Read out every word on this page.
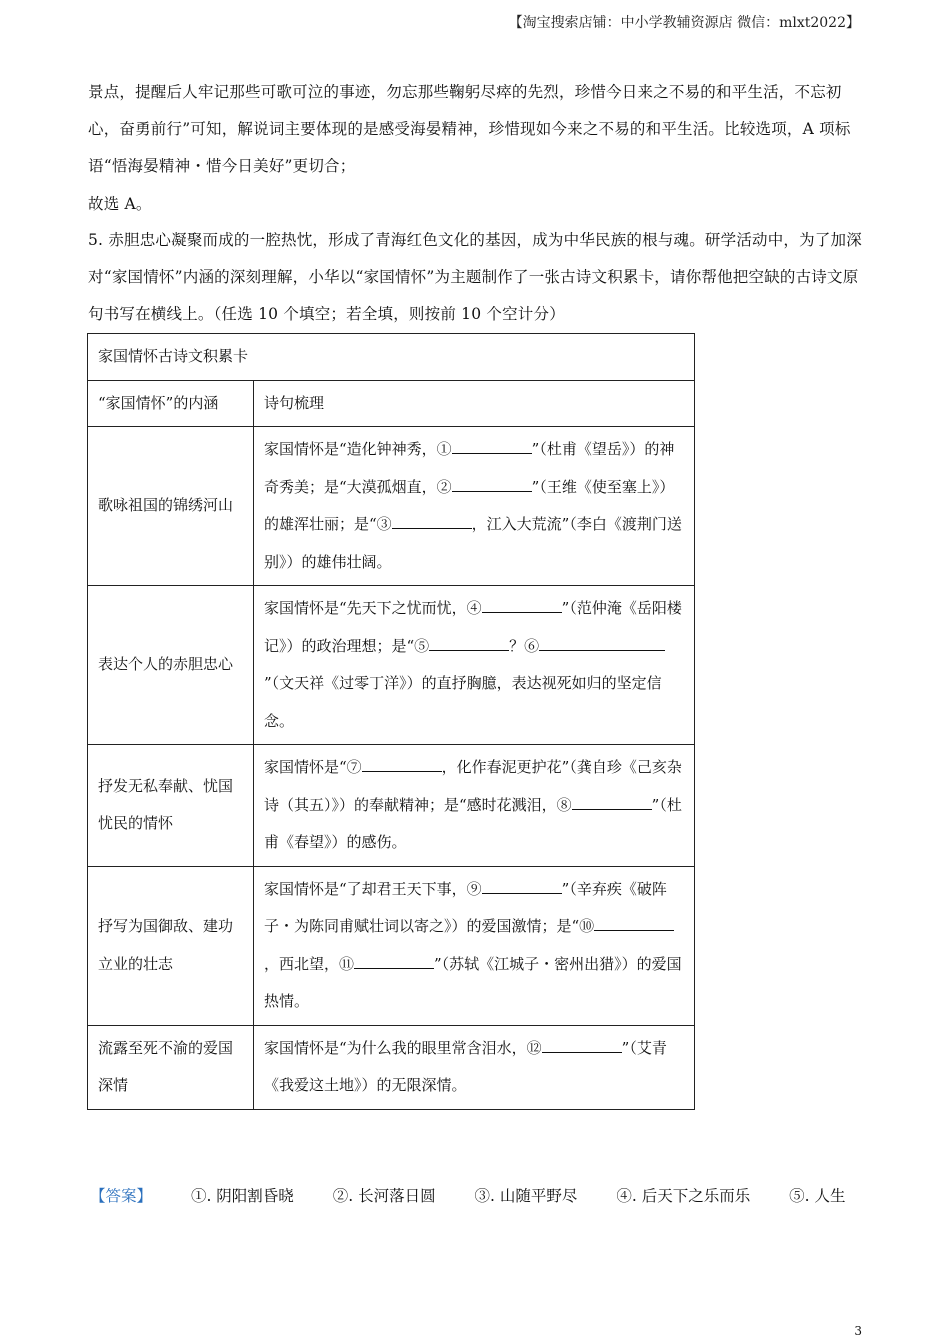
【淘宝搜索店铺：中小学教辅资源店 微信：mlxt2022】
景点，提醒后人牢记那些可歌可泣的事迹，勿忘那些鞠躬尽瘁的先烈，珍惜今日来之不易的和平生活，不忘初心，奋勇前行”可知，解说词主要体现的是感受海晏精神，珍惜现如今来之不易的和平生活。比较选项，A 项标语“悟海晏精神・惜今日美好”更切合；
故选 A。
5. 赤胆忠心凝聚而成的一腔热忱，形成了青海红色文化的基因，成为中华民族的根与魂。研学活动中，为了加深对“家国情怀”内涵的深刻理解，小华以“家国情怀”为主题制作了一张古诗文积累卡，请你帮他把空缺的古诗文原句书写在横线上。（任选 10 个填空；若全填，则按前 10 个空计分）
家国情怀古诗文积累卡	
“家国情怀”的内涵	诗句梳理
歌咏祖国的锦绣河山	家国情怀是“造化钟神秀，① ”（杜甫《望岳》）的神奇秀美；是“大漠孤烟直，② ”（王维《使至塞上》）的雄浑壮丽；是“③ ，江入大荒流”（李白《渡荆门送别》）的雄伟壮阔。
表达个人的赤胆忠心	家国情怀是“先天下之忧而忧，④ ”（范仲淹《岳阳楼记》）的政治理想；是“⑤ ？⑥”（文天祥《过零丁洋》）的直抒胸臆，表达视死如归的坚定信念。
抒发无私奉献、忧国忧民的情怀	家国情怀是“⑦ ，化作春泥更护花”（龚自珍《己亥杂诗（其五）》）的奉献精神；是“感时花溅泪，⑧ ”（杜甫《春望》）的感伤。
抒写为国御敌、建功立业的壮志	家国情怀是“了却君王天下事，⑨ ”（辛弃疾《破阵子・为陈同甫赋壮词以寄之》）的爱国激情；是“⑩，西北望，⑪ ”（苏轼《江城子・密州出猎》）的爱国热情。
流露至死不渝的爱国深情	家国情怀是“为什么我的眼里常含泪水，⑫ ”（艾青《我爱这土地》）的无限深情。
【答案】	①. 阴阳割昏晓	②. 长河落日圆	③. 山随平野尽	④. 后天下之乐而乐	⑤. 人生
3
